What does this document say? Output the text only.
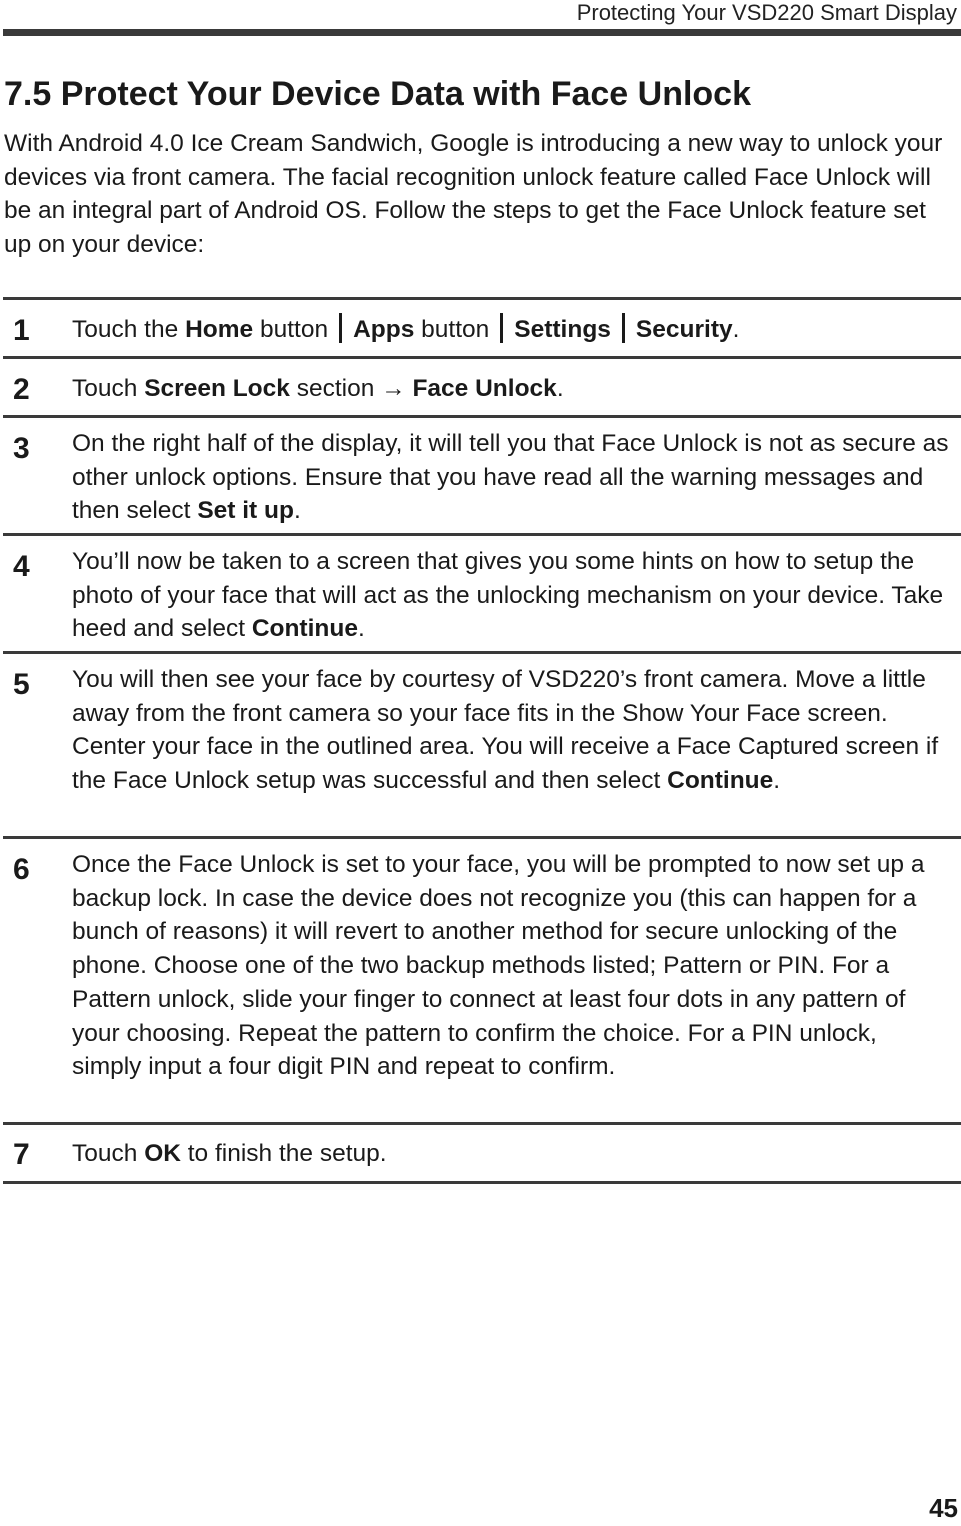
Protecting Your VSD220 Smart Display
7.5 Protect Your Device Data with Face Unlock

With Android 4.0 Ice Cream Sandwich, Google is introducing a new way to unlock your devices via front camera. The facial recognition unlock feature called Face Unlock will be an integral part of Android OS. Follow the steps to get the Face Unlock feature set up on your device:

1 Touch the Home button Apps button Settings Security.
2 Touch Screen Lock section → Face Unlock.
3 On the right half of the display, it will tell you that Face Unlock is not as secure as other unlock options. Ensure that you have read all the warning messages and then select Set it up.
4 You’ll now be taken to a screen that gives you some hints on how to setup the photo of your face that will act as the unlocking mechanism on your device. Take heed and select Continue.
5 You will then see your face by courtesy of VSD220’s front camera. Move a little away from the front camera so your face fits in the Show Your Face screen. Center your face in the outlined area. You will receive a Face Captured screen if the Face Unlock setup was successful and then select Continue.
6 Once the Face Unlock is set to your face, you will be prompted to now set up a backup lock. In case the device does not recognize you (this can happen for a bunch of reasons) it will revert to another method for secure unlocking of the phone. Choose one of the two backup methods listed; Pattern or PIN. For a Pattern unlock, slide your finger to connect at least four dots in any pattern of your choosing. Repeat the pattern to confirm the choice. For a PIN unlock, simply input a four digit PIN and repeat to confirm.
7 Touch OK to finish the setup.
45
